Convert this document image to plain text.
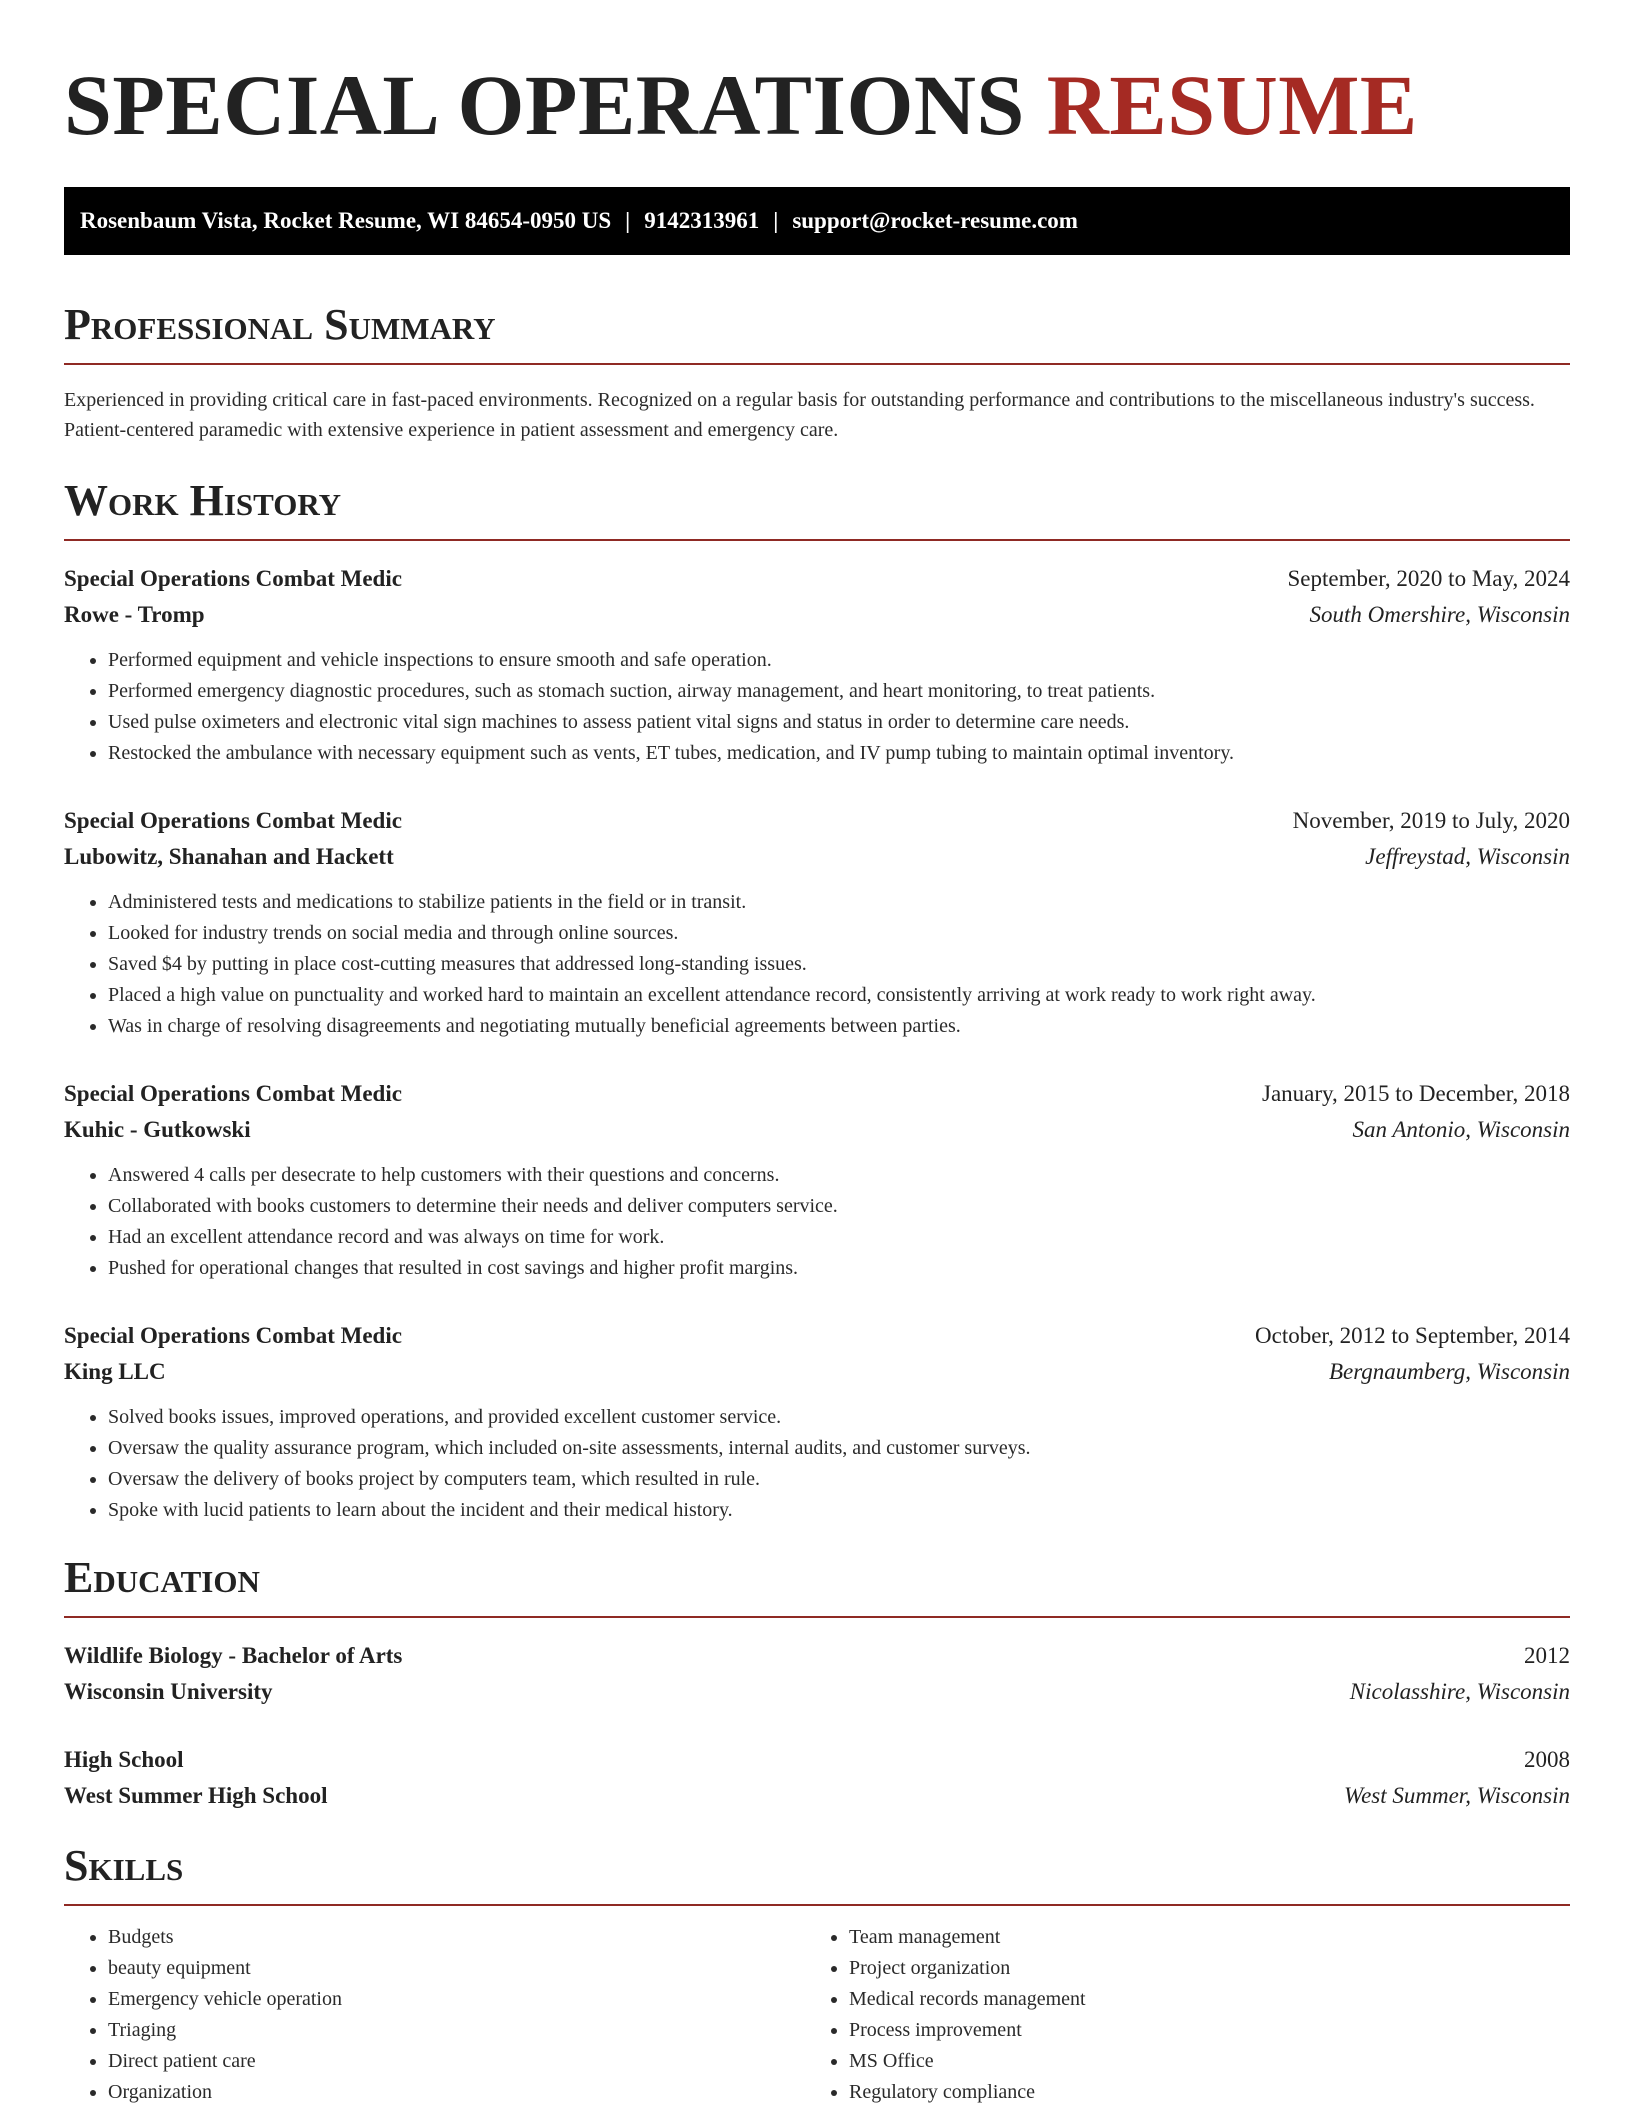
SPECIAL OPERATIONS RESUME
Rosenbaum Vista, Rocket Resume, WI 84654-0950 US | 9142313961 | support@rocket-resume.com
Professional Summary

Experienced in providing critical care in fast-paced environments. Recognized on a regular basis for outstanding performance and contributions to the miscellaneous industry's success. Patient-centered paramedic with extensive experience in patient assessment and emergency care.

Work History
Special Operations Combat Medic	September, 2020 to May, 2024
Rowe - Tromp	South Omershire, Wisconsin
• Performed equipment and vehicle inspections to ensure smooth and safe operation.
• Performed emergency diagnostic procedures, such as stomach suction, airway management, and heart monitoring, to treat patients.
• Used pulse oximeters and electronic vital sign machines to assess patient vital signs and status in order to determine care needs.
• Restocked the ambulance with necessary equipment such as vents, ET tubes, medication, and IV pump tubing to maintain optimal inventory.
Special Operations Combat Medic	November, 2019 to July, 2020
Lubowitz, Shanahan and Hackett	Jeffreystad, Wisconsin
• Administered tests and medications to stabilize patients in the field or in transit.
• Looked for industry trends on social media and through online sources.
• Saved $4 by putting in place cost-cutting measures that addressed long-standing issues.
• Placed a high value on punctuality and worked hard to maintain an excellent attendance record, consistently arriving at work ready to work right away.
• Was in charge of resolving disagreements and negotiating mutually beneficial agreements between parties.
Special Operations Combat Medic	January, 2015 to December, 2018
Kuhic - Gutkowski	San Antonio, Wisconsin
• Answered 4 calls per desecrate to help customers with their questions and concerns.
• Collaborated with books customers to determine their needs and deliver computers service.
• Had an excellent attendance record and was always on time for work.
• Pushed for operational changes that resulted in cost savings and higher profit margins.
Special Operations Combat Medic	October, 2012 to September, 2014
King LLC	Bergnaumberg, Wisconsin
• Solved books issues, improved operations, and provided excellent customer service.
• Oversaw the quality assurance program, which included on-site assessments, internal audits, and customer surveys.
• Oversaw the delivery of books project by computers team, which resulted in rule.
• Spoke with lucid patients to learn about the incident and their medical history.
Education
Wildlife Biology - Bachelor of Arts	2012
Wisconsin University	Nicolasshire, Wisconsin
High School	2008
West Summer High School	West Summer, Wisconsin
Skills
• Budgets
• beauty equipment
• Emergency vehicle operation
• Triaging
• Direct patient care
• Organization
• Team management
• Project organization
• Medical records management
• Process improvement
• MS Office
• Regulatory compliance
